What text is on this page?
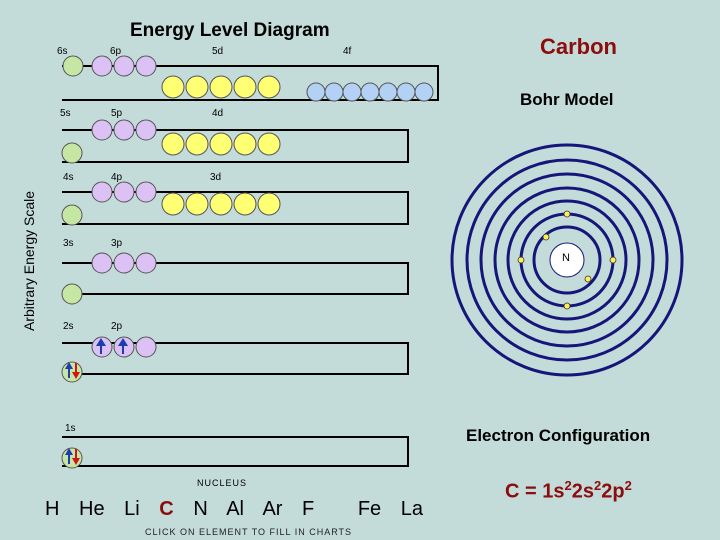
Energy Level Diagram
Carbon
Bohr Model
Arbitrary Energy Scale
6s	6p	5d	4f
5s	5p	4d
4s	4p	3d
3s	3p
2s	2p
1s
N
Electron Configuration
$C = 1s^22s^22p^2$
NUCLEUS
H He Li C N Al Ar F Fe La
CLICK ON ELEMENT TO FILL IN CHARTS
